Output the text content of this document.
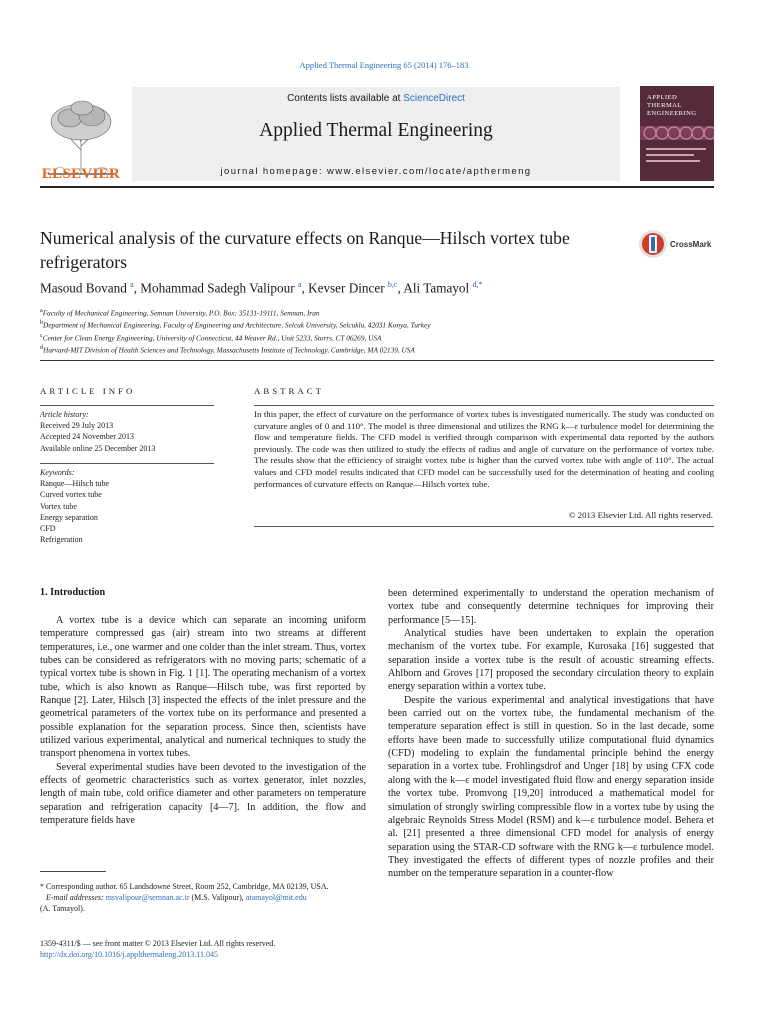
Applied Thermal Engineering 65 (2014) 176–183
ELSEVIER
Contents lists available at ScienceDirect
Applied Thermal Engineering
journal homepage: www.elsevier.com/locate/apthermeng
APPLIED THERMAL ENGINEERING
Numerical analysis of the curvature effects on Ranque—Hilsch vortex tube refrigerators
CrossMark
Masoud Bovand $^a$, Mohammad Sadegh Valipour $^a$, Kevser Dincer $^{b,c}$, Ali Tamayol $^{d,*}$
$^a$Faculty of Mechanical Engineering, Semnan University, P.O. Box: 35131-19111, Semnan, Iran
$^b$Department of Mechanical Engineering, Faculty of Engineering and Architecture, Selcuk University, Selcuklu, 42031 Konya, Turkey
$^c$Center for Clean Energy Engineering, University of Connecticut, 44 Weaver Rd., Unit 5233, Storrs, CT 06269, USA
$^d$Harvard-MIT Division of Health Sciences and Technology, Massachusetts Institute of Technology, Cambridge, MA 02139, USA
ARTICLE INFO
Article history:
Received 29 July 2013
Accepted 24 November 2013
Available online 25 December 2013
Keywords:
Ranque—Hilsch tube
Curved vortex tube
Vortex tube
Energy separation
CFD
Refrigeration
ABSTRACT
In this paper, the effect of curvature on the performance of vortex tubes is investigated numerically. The study was conducted on curvature angles of 0 and 110°. The model is three dimensional and utilizes the RNG k—ε turbulence model for determining the flow and temperature fields. The CFD model is verified through comparison with experimental data reported by the authors previously. The code was then utilized to study the effects of radius and angle of curvature on the performance of vortex tube. The results show that the efficiency of straight vortex tube is higher than the curved vortex tube with angle of 110°. The actual values and CFD model results indicated that CFD model can be successfully used for the determination of heating and cooling performances of curvature effects on Ranque—Hilsch vortex tube.
© 2013 Elsevier Ltd. All rights reserved.
1. Introduction

A vortex tube is a device which can separate an incoming uniform temperature compressed gas (air) stream into two streams at different temperatures, i.e., one warmer and one colder than the inlet stream. Thus, vortex tubes can be considered as refrigerators with no moving parts; schematic of a typical vortex tube is shown in Fig. 1 [1]. The operating mechanism of a vortex tube, which is also known as Ranque—Hilsch tube, was first reported by Ranque [2]. Later, Hilsch [3] inspected the effects of the inlet pressure and the geometrical parameters of the vortex tube on its performance and presented a possible explanation for the separation process. Since then, scientists have utilized various experimental, analytical and numerical techniques to study the transport phenomena in vortex tubes.

Several experimental studies have been devoted to the investigation of the effects of geometric characteristics such as vortex generator, inlet nozzles, length of main tube, cold orifice diameter and other parameters on temperature separation and refrigeration capacity [4—7]. In addition, the flow and temperature fields have

been determined experimentally to understand the operation mechanism of vortex tube and consequently determine techniques for improving their performance [5—15].

Analytical studies have been undertaken to explain the operation mechanism of the vortex tube. For example, Kurosaka [16] suggested that separation inside a vortex tube is the result of acoustic streaming effects. Ahlborn and Groves [17] proposed the secondary circulation theory to explain energy separation within a vortex tube.

Despite the various experimental and analytical investigations that have been carried out on the vortex tube, the fundamental mechanism of the temperature separation effect is still in question. So in the last decade, some efforts have been made to successfully utilize computational fluid dynamics (CFD) modeling to explain the fundamental principle behind the energy separation in a vortex tube. Frohlingsdrof and Unger [18] by using CFX code along with the k—ε model investigated fluid flow and energy separation inside the vortex tube. Promvong [19,20] introduced a mathematical model for simulation of strongly swirling compressible flow in a vortex tube by using the algebraic Reynolds Stress Model (RSM) and k—ε turbulence model. Behera et al. [21] presented a three dimensional CFD model for analysis of energy separation using the STAR-CD software with the RNG k—ε turbulence model. They investigated the effects of different types of nozzle profiles and their number on the temperature separation in a counter-flow

* Corresponding author. 65 Landsdowne Street, Room 252, Cambridge, MA 02139, USA.
E-mail addresses: msvalipour@semnan.ac.ir (M.S. Valipour), atamayol@mit.edu
(A. Tamayol).
1359-4311/$ — see front matter © 2013 Elsevier Ltd. All rights reserved.
http://dx.doi.org/10.1016/j.applthermaleng.2013.11.045
